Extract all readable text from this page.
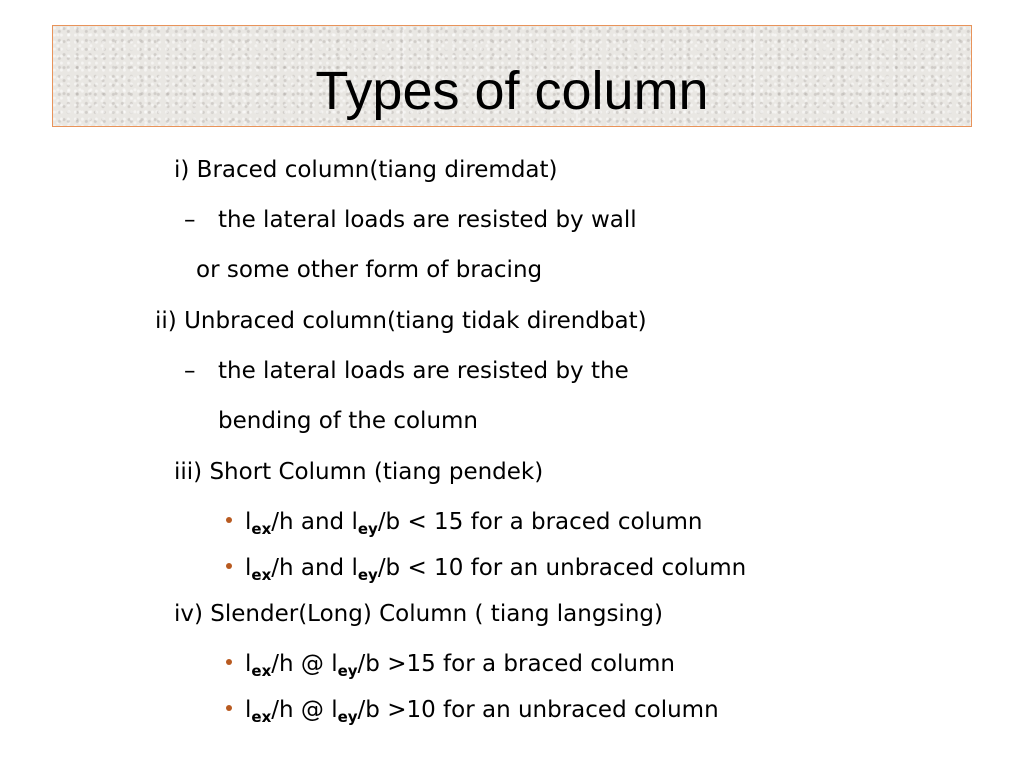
Types of column
i) Braced column(tiang diremdat)
– the lateral loads are resisted by wall
or some other form of bracing
ii) Unbraced column(tiang tidak direndbat)
– the lateral loads are resisted by the
bending of the column
iii) Short Column (tiang pendek)
$l_{ex}/h$ and $l_{ey}/b < 15$ for a braced column
$l_{ex}/h$ and $l_{ey}/b < 10$ for an unbraced column
iv) Slender(Long) Column ( tiang langsing)
$l_{ex}/h$ @ $l_{ey}/b >15$ for a braced column
$l_{ex}/h$ @ $l_{ey}/b >10$ for an unbraced column
